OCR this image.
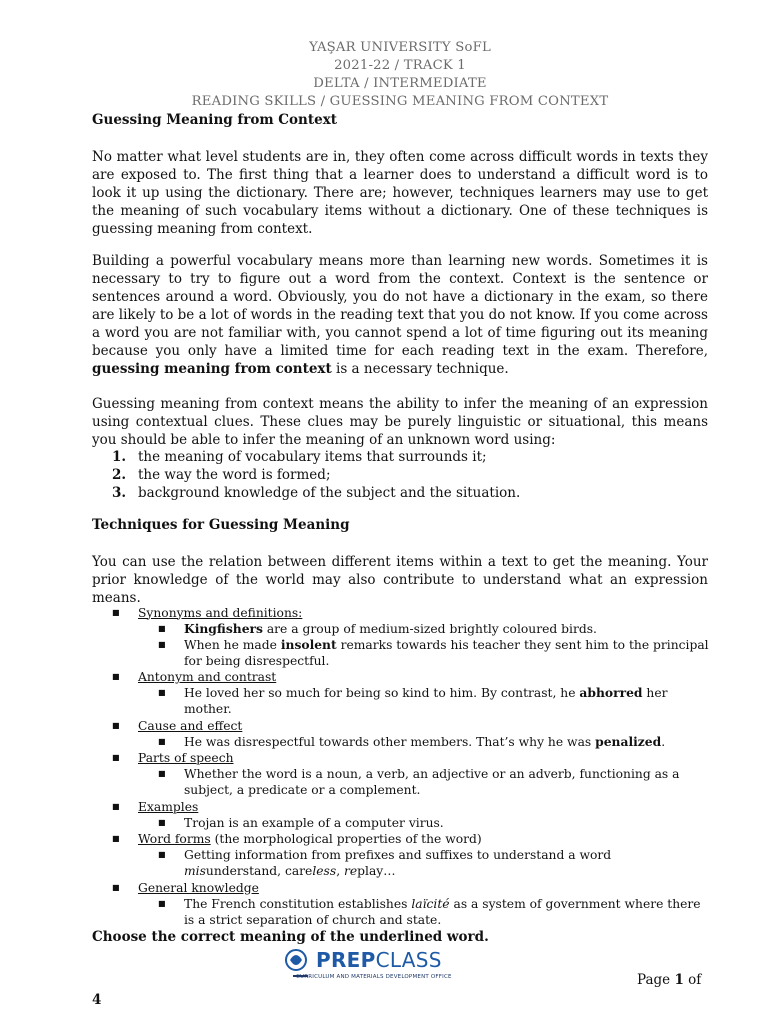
YAŞAR UNIVERSITY SoFL
2021-22 / TRACK 1
DELTA / INTERMEDIATE
READING SKILLS / GUESSING MEANING FROM CONTEXT
Guessing Meaning from Context
No matter what level students are in, they often come across difficult words in texts they are exposed to. The first thing that a learner does to understand a difficult word is to look it up using the dictionary. There are; however, techniques learners may use to get the meaning of such vocabulary items without a dictionary. One of these techniques is guessing meaning from context.
Building a powerful vocabulary means more than learning new words. Sometimes it is necessary to try to figure out a word from the context. Context is the sentence or sentences around a word. Obviously, you do not have a dictionary in the exam, so there are likely to be a lot of words in the reading text that you do not know. If you come across a word you are not familiar with, you cannot spend a lot of time figuring out its meaning because you only have a limited time for each reading text in the exam. Therefore, guessing meaning from context is a necessary technique.
Guessing meaning from context means the ability to infer the meaning of an expression using contextual clues. These clues may be purely linguistic or situational, this means you should be able to infer the meaning of an unknown word using:
1. the meaning of vocabulary items that surrounds it;
2. the way the word is formed;
3. background knowledge of the subject and the situation.
Techniques for Guessing Meaning
You can use the relation between different items within a text to get the meaning. Your prior knowledge of the world may also contribute to understand what an expression means.
■	Synonyms and definitions:
■	Kingfishers are a group of medium-sized brightly coloured birds.
■	When he made insolent remarks towards his teacher they sent him to the principal for being disrespectful.
■	Antonym and contrast
■	He loved her so much for being so kind to him. By contrast, he abhorred her mother.
■	Cause and effect
■	He was disrespectful towards other members. That’s why he was penalized.
■	Parts of speech
■	Whether the word is a noun, a verb, an adjective or an adverb, functioning as a subject, a predicate or a complement.
■	Examples
■	Trojan is an example of a computer virus.
■	Word forms (the morphological properties of the word)
■	Getting information from prefixes and suffixes to understand a word
misunderstand, careless, replay…
■	General knowledge
■	The French constitution establishes laïcité as a system of government where there is a strict separation of church and state.
Choose the correct meaning of the underlined word.
PREPCLASS
CURRICULUM AND MATERIALS DEVELOPMENT OFFICE	Page 1 of
4
